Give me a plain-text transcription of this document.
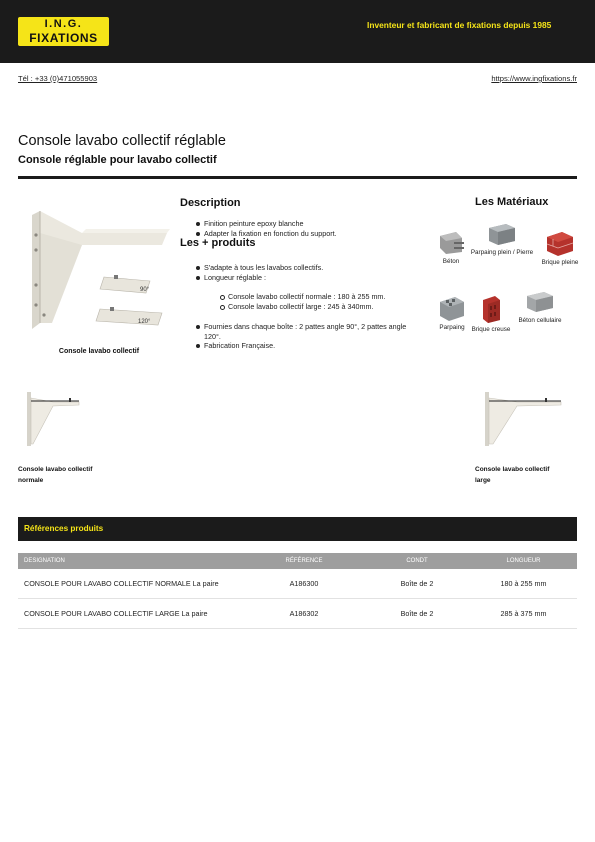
I.N.G.
FIXATIONS
Inventeur et fabricant de fixations depuis 1985
Tél : +33 (0)471055903	https://www.ingfixations.fr
Console lavabo collectif réglable
Console réglable pour lavabo collectif
90°
120°
Console lavabo collectif
Description
Finition peinture epoxy blanche
Adapter la fixation en fonction du support.
Les + produits
S'adapte à tous les lavabos collectifs.
Longueur réglable :
Console lavabo collectif normale : 180 à 255 mm.
Console lavabo collectif large : 245 à 340mm.
Fournies dans chaque boîte : 2 pattes angle 90°, 2 pattes angle 120°.
Fabrication Française.
Les Matériaux
Béton
Parpaing plein / Pierre
Brique pleine
Parpaing	Brique creuse
Béton cellulaire
Console lavabo collectif
normale
Console lavabo collectif
large
Références produits
DESIGNATION	RÉFÉRENCE	CONDT	LONGUEUR
CONSOLE POUR LAVABO COLLECTIF NORMALE La paire	A186300	Boîte de 2	180 à 255 mm
CONSOLE POUR LAVABO COLLECTIF LARGE La paire	A186302	Boîte de 2	285 à 375 mm
